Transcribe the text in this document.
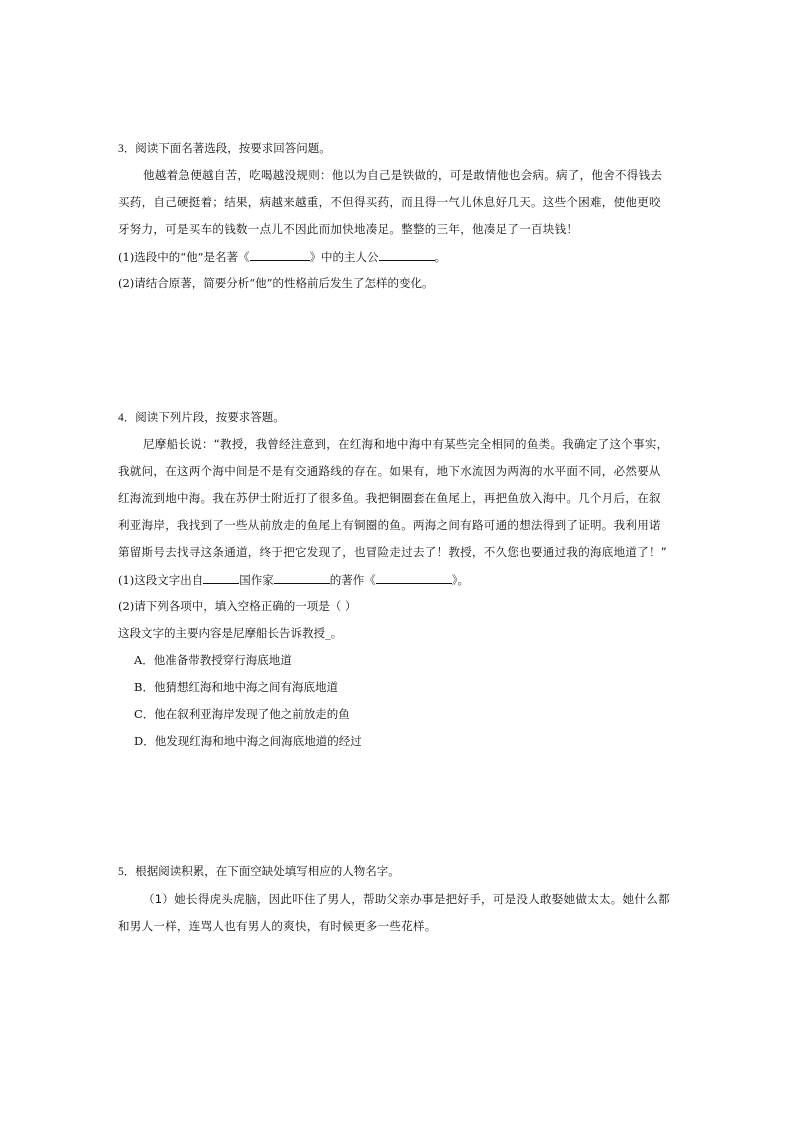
3．阅读下面名著选段，按要求回答问题。
他越着急便越自苦，吃喝越没规则：他以为自己是铁做的，可是敢情他也会病。病了，他舍不得钱去
买药，自己硬挺着；结果，病越来越重，不但得买药，而且得一气儿休息好几天。这些个困难，使他更咬
牙努力，可是买车的钱数一点儿不因此而加快地凑足。整整的三年，他凑足了一百块钱！
(1)选段中的“他”是名著《	》中的主人公	。
(2)请结合原著，简要分析“他”的性格前后发生了怎样的变化。
4．阅读下列片段，按要求答题。
尼摩船长说：“教授，我曾经注意到，在红海和地中海中有某些完全相同的鱼类。我确定了这个事实，
我就问，在这两个海中间是不是有交通路线的存在。如果有，地下水流因为两海的水平面不同，必然要从
红海流到地中海。我在苏伊士附近打了很多鱼。我把铜圈套在鱼尾上，再把鱼放入海中。几个月后，在叙
利亚海岸，我找到了一些从前放走的鱼尾上有铜圈的鱼。两海之间有路可通的想法得到了证明。我利用诺
第留斯号去找寻这条通道，终于把它发现了，也冒险走过去了！教授，不久您也要通过我的海底地道了！”
(1)这段文字出自	国作家	的著作《	》。
(2)请下列各项中，填入空格正确的一项是（ ）
这段文字的主要内容是尼摩船长告诉教授_。
A．他准备带教授穿行海底地道
B．他猜想红海和地中海之间有海底地道
C．他在叙利亚海岸发现了他之前放走的鱼
D．他发现红海和地中海之间海底地道的经过
5．根据阅读积累，在下面空缺处填写相应的人物名字。
（1）她长得虎头虎脑，因此吓住了男人，帮助父亲办事是把好手，可是没人敢娶她做太太。她什么都
和男人一样，连骂人也有男人的爽快，有时候更多一些花样。
